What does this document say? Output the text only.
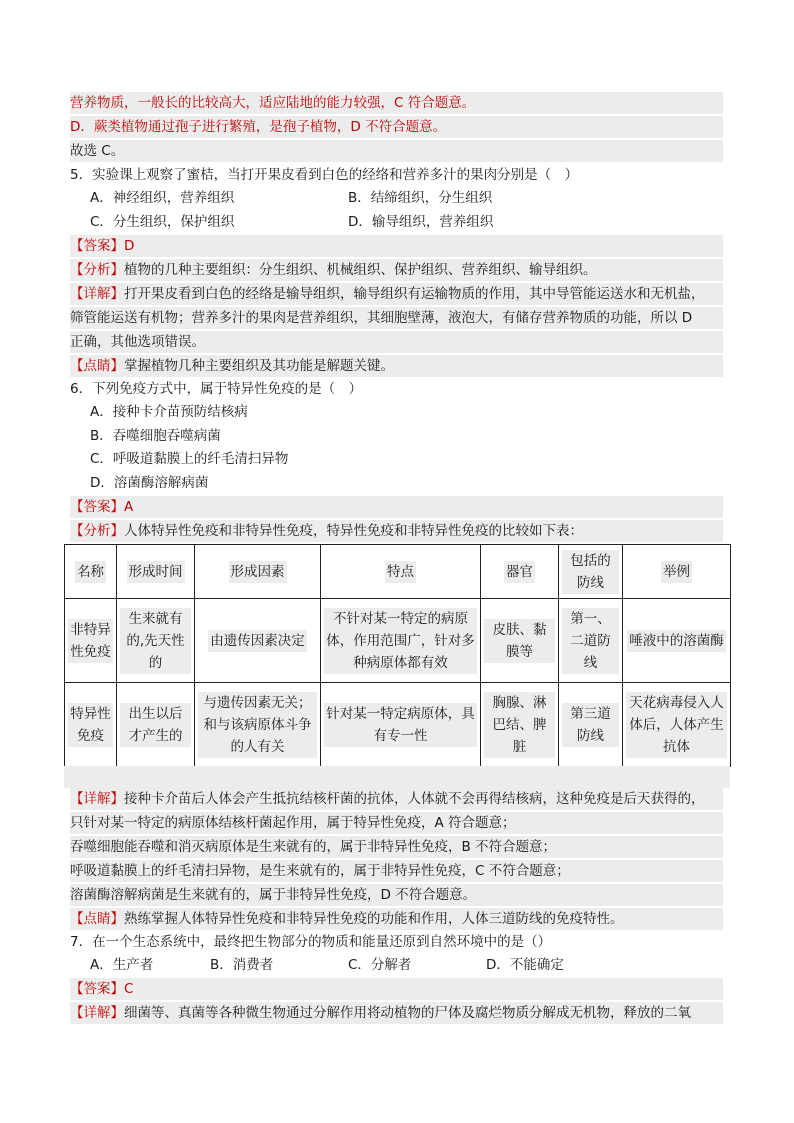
营养物质，一般长的比较高大，适应陆地的能力较强，C 符合题意。
D．蕨类植物通过孢子进行繁殖，是孢子植物，D 不符合题意。
故选 C。
5．实验课上观察了蜜桔，当打开果皮看到白色的经络和营养多汁的果肉分别是（　）
A．神经组织，营养组织	B．结缔组织，分生组织
C．分生组织，保护组织	D．输导组织，营养组织
【答案】D
【分析】植物的几种主要组织：分生组织、机械组织、保护组织、营养组织、输导组织。
【详解】打开果皮看到白色的经络是输导组织，输导组织有运输物质的作用，其中导管能运送水和无机盐，
筛管能运送有机物；营养多汁的果肉是营养组织，其细胞壁薄，液泡大，有储存营养物质的功能，所以 D
正确，其他选项错误。
【点睛】掌握植物几种主要组织及其功能是解题关键。
6．下列免疫方式中，属于特异性免疫的是（　）
A．接种卡介苗预防结核病
B．吞噬细胞吞噬病菌
C．呼吸道黏膜上的纤毛清扫异物
D．溶菌酶溶解病菌
【答案】A
【分析】人体特异性免疫和非特异性免疫，特异性免疫和非特异性免疫的比较如下表：
名称	形成时间	形成因素	特点	器官	包括的防线	举例
非特异性免疫	生来就有的,先天性的	由遗传因素决定	不针对某一特定的病原体，作用范围广，针对多种病原体都有效	皮肤、黏膜等	第一、二道防线	唾液中的溶菌酶
特异性免疫	出生以后才产生的	与遗传因素无关；和与该病原体斗争的人有关	针对某一特定病原体，具有专一性	胸腺、淋巴结、脾脏	第三道防线	天花病毒侵入人体后，人体产生抗体
【详解】接种卡介苗后人体会产生抵抗结核杆菌的抗体，人体就不会再得结核病，这种免疫是后天获得的，
只针对某一特定的病原体结核杆菌起作用，属于特异性免疫，A 符合题意；
吞噬细胞能吞噬和消灭病原体是生来就有的，属于非特异性免疫，B 不符合题意；
呼吸道黏膜上的纤毛清扫异物，是生来就有的，属于非特异性免疫，C 不符合题意；
溶菌酶溶解病菌是生来就有的，属于非特异性免疫，D 不符合题意。
【点睛】熟练掌握人体特异性免疫和非特异性免疫的功能和作用，人体三道防线的免疫特性。
7．在一个生态系统中，最终把生物部分的物质和能量还原到自然环境中的是（）
A．生产者	B．消费者	C．分解者	D．不能确定
【答案】C
【详解】细菌等、真菌等各种微生物通过分解作用将动植物的尸体及腐烂物质分解成无机物，释放的二氧
